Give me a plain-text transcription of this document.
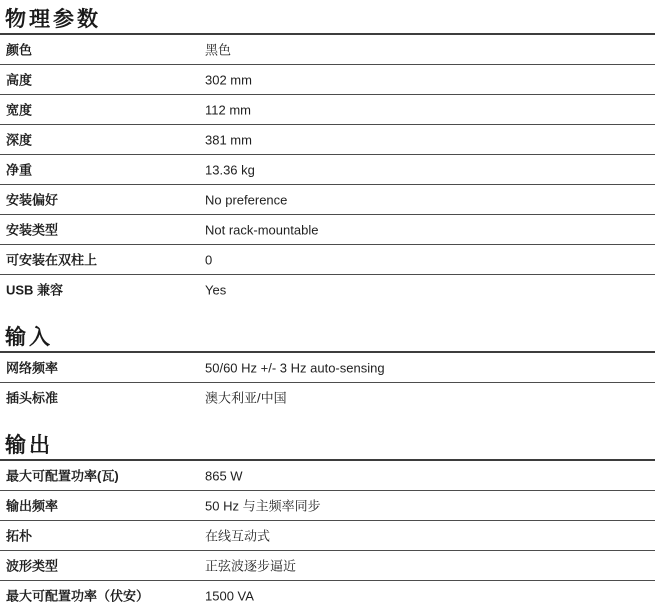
物理参数
颜色	黑色
高度	302 mm
宽度	112 mm
深度	381 mm
净重	13.36 kg
安装偏好	No preference
安装类型	Not rack-mountable
可安装在双柱上	0
USB 兼容	Yes
输入
网络频率	50/60 Hz +/- 3 Hz auto-sensing
插头标准	澳大利亚/中国
输出
最大可配置功率(瓦)	865 W
输出频率	50 Hz 与主频率同步
拓朴	在线互动式
波形类型	正弦波逐步逼近
最大可配置功率（伏安）	1500 VA
